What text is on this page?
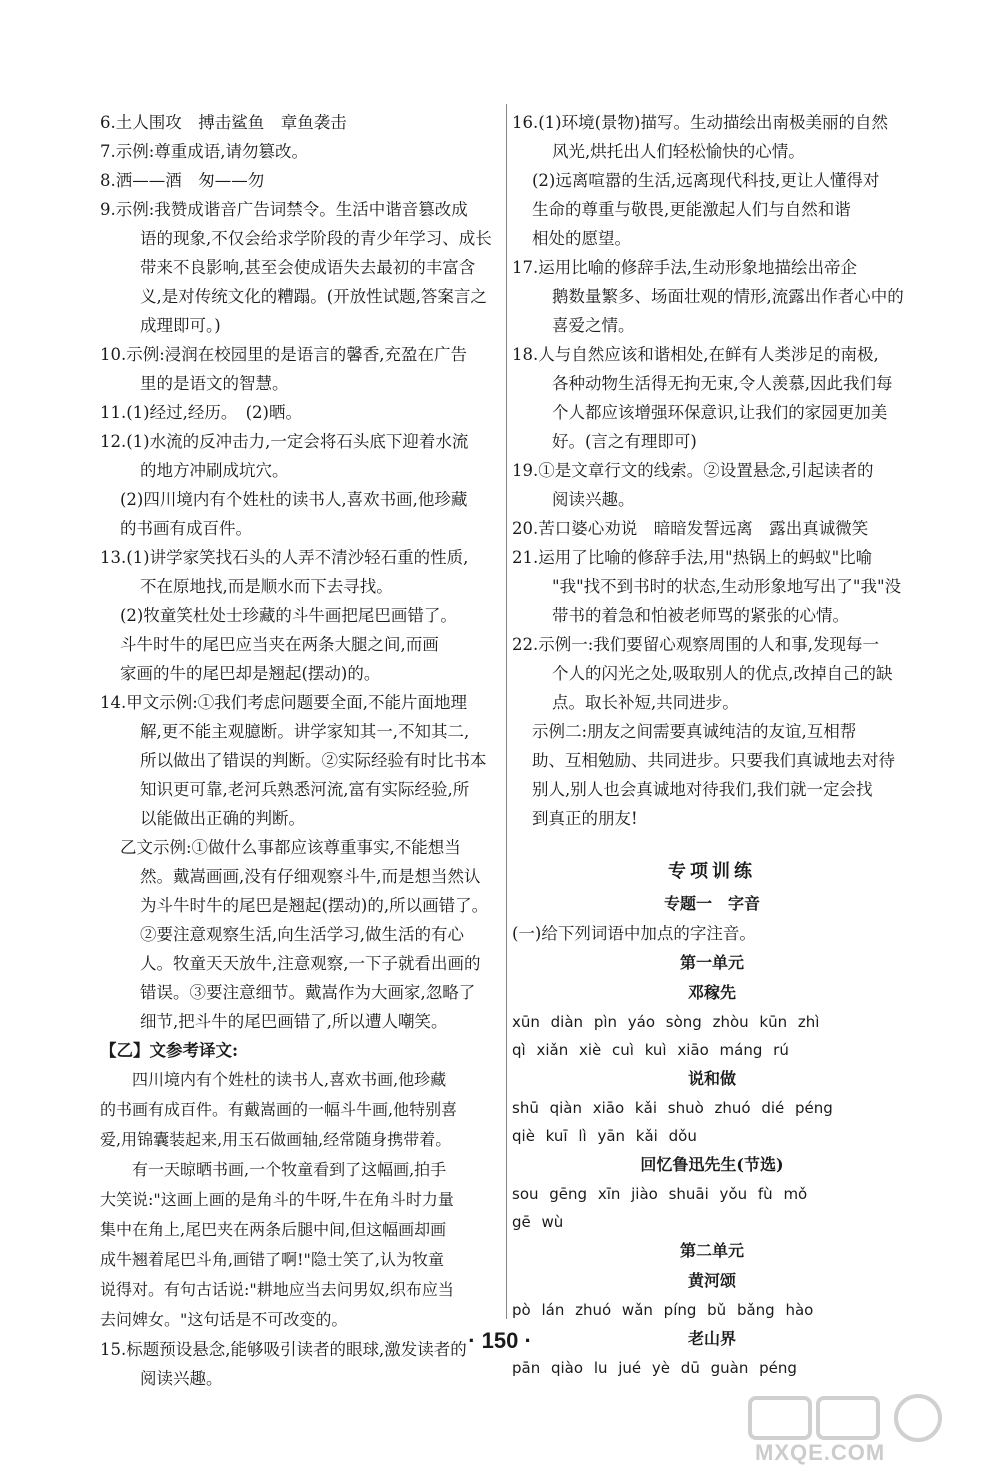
6.土人围攻　搏击鲨鱼　章鱼袭击

7.示例:尊重成语,请勿篡改。

8.洒——酒　匆——勿

9.示例:我赞成谐音广告词禁令。生活中谐音篡改成
语的现象,不仅会给求学阶段的青少年学习、成长
带来不良影响,甚至会使成语失去最初的丰富含
义,是对传统文化的糟蹋。(开放性试题,答案言之
成理即可。)

10.示例:浸润在校园里的是语言的馨香,充盈在广告
里的是语文的智慧。

11.(1)经过,经历。　(2)晒。

12.(1)水流的反冲击力,一定会将石头底下迎着水流
的地方冲刷成坑穴。

(2)四川境内有个姓杜的读书人,喜欢书画,他珍藏
的书画有成百件。

13.(1)讲学家笑找石头的人弄不清沙轻石重的性质,
不在原地找,而是顺水而下去寻找。

(2)牧童笑杜处士珍藏的斗牛画把尾巴画错了。
斗牛时牛的尾巴应当夹在两条大腿之间,而画
家画的牛的尾巴却是翘起(摆动)的。

14.甲文示例:①我们考虑问题要全面,不能片面地理
解,更不能主观臆断。讲学家知其一,不知其二,
所以做出了错误的判断。②实际经验有时比书本
知识更可靠,老河兵熟悉河流,富有实际经验,所
以能做出正确的判断。

乙文示例:①做什么事都应该尊重事实,不能想当
然。戴嵩画画,没有仔细观察斗牛,而是想当然认
为斗牛时牛的尾巴是翘起(摆动)的,所以画错了。
②要注意观察生活,向生活学习,做生活的有心
人。牧童天天放牛,注意观察,一下子就看出画的
错误。③要注意细节。戴嵩作为大画家,忽略了
细节,把斗牛的尾巴画错了,所以遭人嘲笑。

【乙】文参考译文:

　　四川境内有个姓杜的读书人,喜欢书画,他珍藏
的书画有成百件。有戴嵩画的一幅斗牛画,他特别喜
爱,用锦囊装起来,用玉石做画轴,经常随身携带着。
　　有一天晾晒书画,一个牧童看到了这幅画,拍手
大笑说:"这画上画的是角斗的牛呀,牛在角斗时力量
集中在角上,尾巴夹在两条后腿中间,但这幅画却画
成牛翘着尾巴斗角,画错了啊!"隐士笑了,认为牧童
说得对。有句古话说:"耕地应当去问男奴,织布应当
去问婢女。"这句话是不可改变的。

15.标题预设悬念,能够吸引读者的眼球,激发读者的
阅读兴趣。

16.(1)环境(景物)描写。生动描绘出南极美丽的自然
风光,烘托出人们轻松愉快的心情。

(2)远离喧嚣的生活,远离现代科技,更让人懂得对
生命的尊重与敬畏,更能激起人们与自然和谐
相处的愿望。

17.运用比喻的修辞手法,生动形象地描绘出帝企
鹅数量繁多、场面壮观的情形,流露出作者心中的
喜爱之情。

18.人与自然应该和谐相处,在鲜有人类涉足的南极,
各种动物生活得无拘无束,令人羡慕,因此我们每
个人都应该增强环保意识,让我们的家园更加美
好。(言之有理即可)

19.①是文章行文的线索。②设置悬念,引起读者的
阅读兴趣。

20.苦口婆心劝说　暗暗发誓远离　露出真诚微笑

21.运用了比喻的修辞手法,用"热锅上的蚂蚁"比喻
"我"找不到书时的状态,生动形象地写出了"我"没
带书的着急和怕被老师骂的紧张的心情。

22.示例一:我们要留心观察周围的人和事,发现每一
个人的闪光之处,吸取别人的优点,改掉自己的缺
点。取长补短,共同进步。

示例二:朋友之间需要真诚纯洁的友谊,互相帮
助、互相勉励、共同进步。只要我们真诚地去对待
别人,别人也会真诚地对待我们,我们就一定会找
到真正的朋友!

专项训练
专题一　字音

(一)给下列词语中加点的字注音。

第一单元
邓稼先

xūn diàn pìn yáo sòng zhòu kūn zhì

qì xiǎn xiè cuì kuì xiāo máng rú

说和做

shū qiàn xiāo kǎi shuò zhuó dié péng

qiè kuī lì yān kǎi dǒu

回忆鲁迅先生(节选)

sou gēng xīn jiào shuāi yǒu fù mǒ

gē wù

第二单元
黄河颂

pò lán zhuó wǎn píng bǔ bǎng hào

老山界

pān qiào lu jué yè dū guàn péng

· 150 ·
MXQE.COM
